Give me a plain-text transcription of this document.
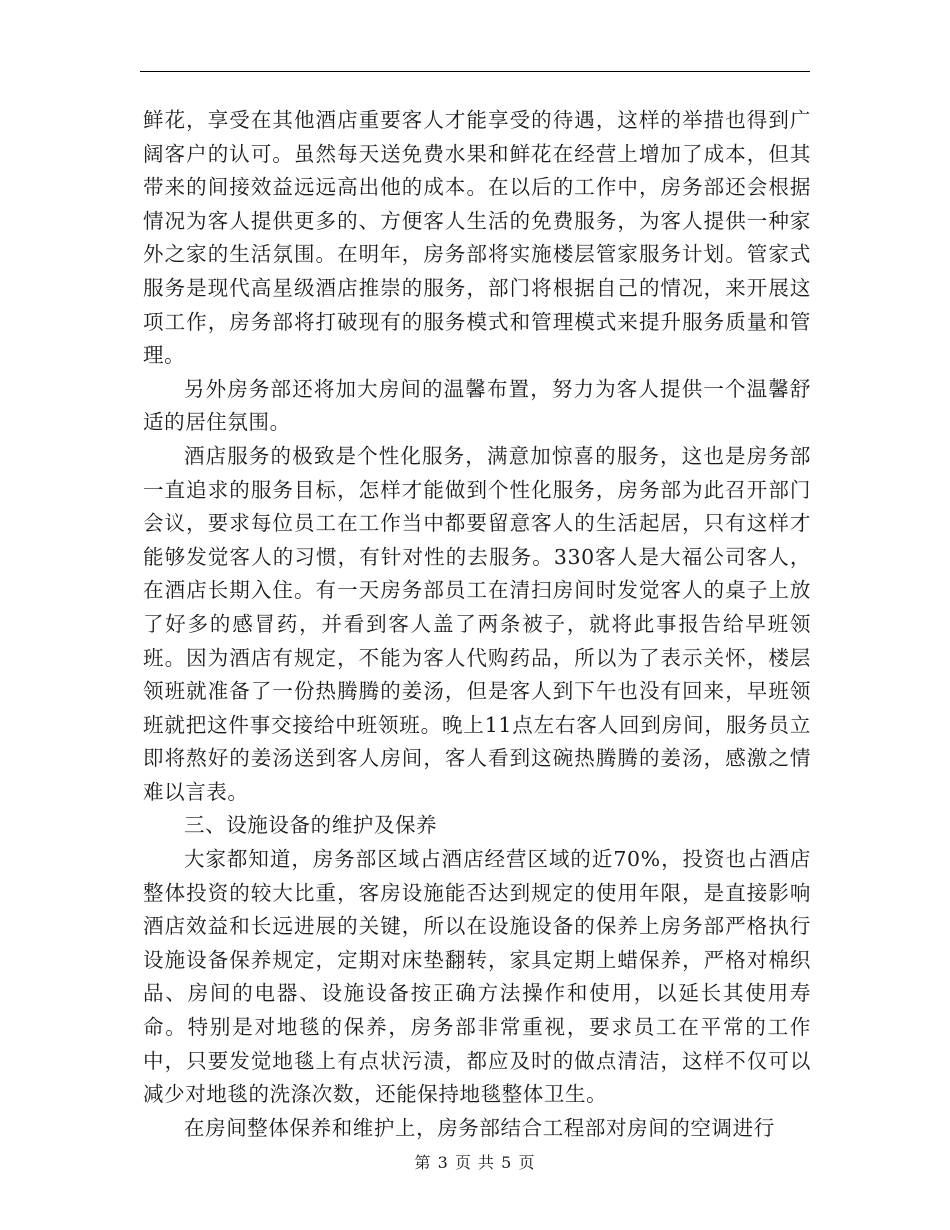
鲜花，享受在其他酒店重要客人才能享受的待遇，这样的举措也得到广阔客户的认可。虽然每天送免费水果和鲜花在经营上增加了成本，但其带来的间接效益远远高出他的成本。在以后的工作中，房务部还会根据情况为客人提供更多的、方便客人生活的免费服务，为客人提供一种家外之家的生活氛围。在明年，房务部将实施楼层管家服务计划。管家式服务是现代高星级酒店推崇的服务，部门将根据自己的情况，来开展这项工作，房务部将打破现有的服务模式和管理模式来提升服务质量和管理。

另外房务部还将加大房间的温馨布置，努力为客人提供一个温馨舒适的居住氛围。

酒店服务的极致是个性化服务，满意加惊喜的服务，这也是房务部一直追求的服务目标，怎样才能做到个性化服务，房务部为此召开部门会议，要求每位员工在工作当中都要留意客人的生活起居，只有这样才能够发觉客人的习惯，有针对性的去服务。330客人是大福公司客人，在酒店长期入住。有一天房务部员工在清扫房间时发觉客人的桌子上放了好多的感冒药，并看到客人盖了两条被子，就将此事报告给早班领班。因为酒店有规定，不能为客人代购药品，所以为了表示关怀，楼层领班就准备了一份热腾腾的姜汤，但是客人到下午也没有回来，早班领班就把这件事交接给中班领班。晚上11点左右客人回到房间，服务员立即将熬好的姜汤送到客人房间，客人看到这碗热腾腾的姜汤，感激之情难以言表。

三、设施设备的维护及保养

大家都知道，房务部区域占酒店经营区域的近70%，投资也占酒店整体投资的较大比重，客房设施能否达到规定的使用年限，是直接影响酒店效益和长远进展的关键，所以在设施设备的保养上房务部严格执行设施设备保养规定，定期对床垫翻转，家具定期上蜡保养，严格对棉织品、房间的电器、设施设备按正确方法操作和使用，以延长其使用寿命。特别是对地毯的保养，房务部非常重视，要求员工在平常的工作中，只要发觉地毯上有点状污渍，都应及时的做点清洁，这样不仅可以减少对地毯的洗涤次数，还能保持地毯整体卫生。

在房间整体保养和维护上，房务部结合工程部对房间的空调进行

第 3 页 共 5 页
